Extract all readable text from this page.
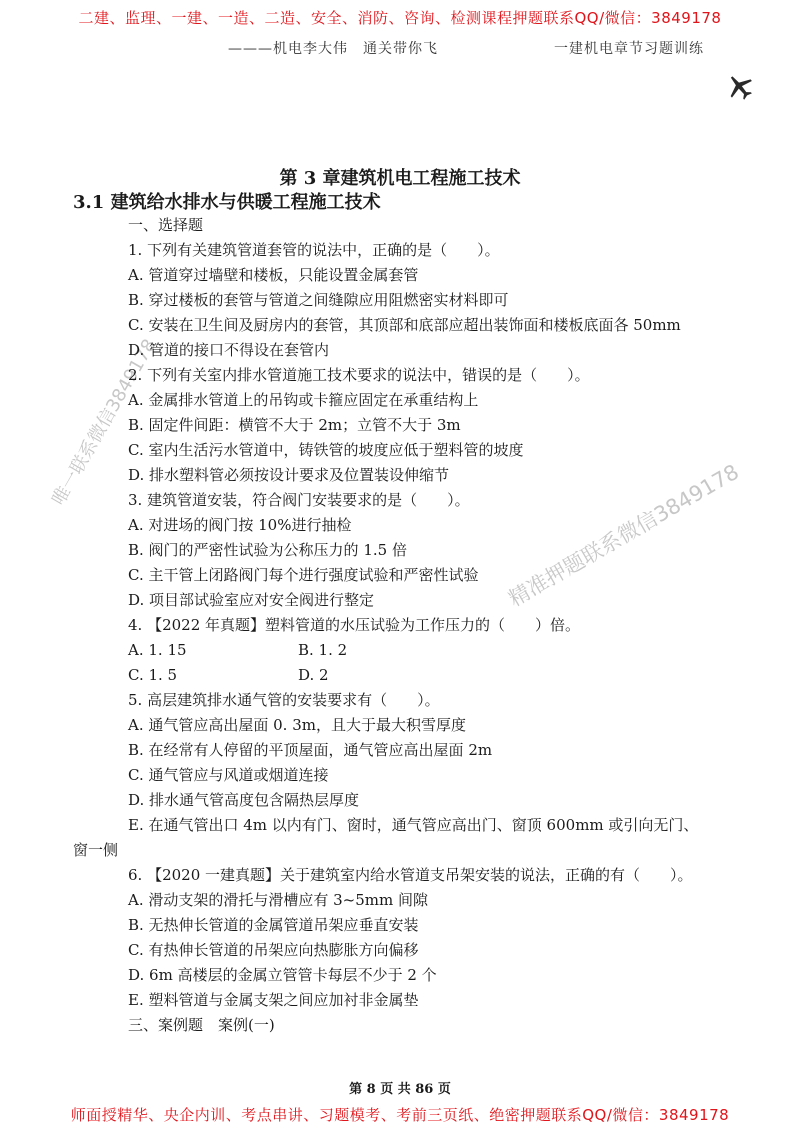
二建、监理、一建、一造、二造、安全、消防、咨询、检测课程押题联系QQ/微信：3849178
———机电李大伟　通关带你飞	一建机电章节习题训练
唯一联系微信3849178
精准押题联系微信3849178
第 3 章建筑机电工程施工技术
3.1 建筑给水排水与供暖工程施工技术
一、选择题
1. 下列有关建筑管道套管的说法中，正确的是（　　）。
A. 管道穿过墙壁和楼板，只能设置金属套管
B. 穿过楼板的套管与管道之间缝隙应用阻燃密实材料即可
C. 安装在卫生间及厨房内的套管，其顶部和底部应超出装饰面和楼板底面各 50mm
D. 管道的接口不得设在套管内
2. 下列有关室内排水管道施工技术要求的说法中，错误的是（　　）。
A. 金属排水管道上的吊钩或卡箍应固定在承重结构上
B. 固定件间距：横管不大于 2m；立管不大于 3m
C. 室内生活污水管道中，铸铁管的坡度应低于塑料管的坡度
D. 排水塑料管必须按设计要求及位置装设伸缩节
3. 建筑管道安装，符合阀门安装要求的是（　　）。
A. 对进场的阀门按 10%进行抽检
B. 阀门的严密性试验为公称压力的 1.5 倍
C. 主干管上闭路阀门每个进行强度试验和严密性试验
D. 项目部试验室应对安全阀进行整定
4. 【2022 年真题】塑料管道的水压试验为工作压力的（　　）倍。
A. 1. 15	B. 1. 2
C. 1. 5	D. 2
5. 高层建筑排水通气管的安装要求有（　　）。
A. 通气管应高出屋面 0. 3m，且大于最大积雪厚度
B. 在经常有人停留的平顶屋面，通气管应高出屋面 2m
C. 通气管应与风道或烟道连接
D. 排水通气管高度包含隔热层厚度
E. 在通气管出口 4m 以内有门、窗时，通气管应高出门、窗顶 600mm 或引向无门、
窗一侧
6. 【2020 一建真题】关于建筑室内给水管道支吊架安装的说法，正确的有（　　）。
A. 滑动支架的滑托与滑槽应有 3~5mm 间隙
B. 无热伸长管道的金属管道吊架应垂直安装
C. 有热伸长管道的吊架应向热膨胀方向偏移
D. 6m 高楼层的金属立管管卡每层不少于 2 个
E. 塑料管道与金属支架之间应加衬非金属垫
三、案例题　案例(一)
第 8 页 共 86 页
师面授精华、央企内训、考点串讲、习题模考、考前三页纸、绝密押题联系QQ/微信：3849178
